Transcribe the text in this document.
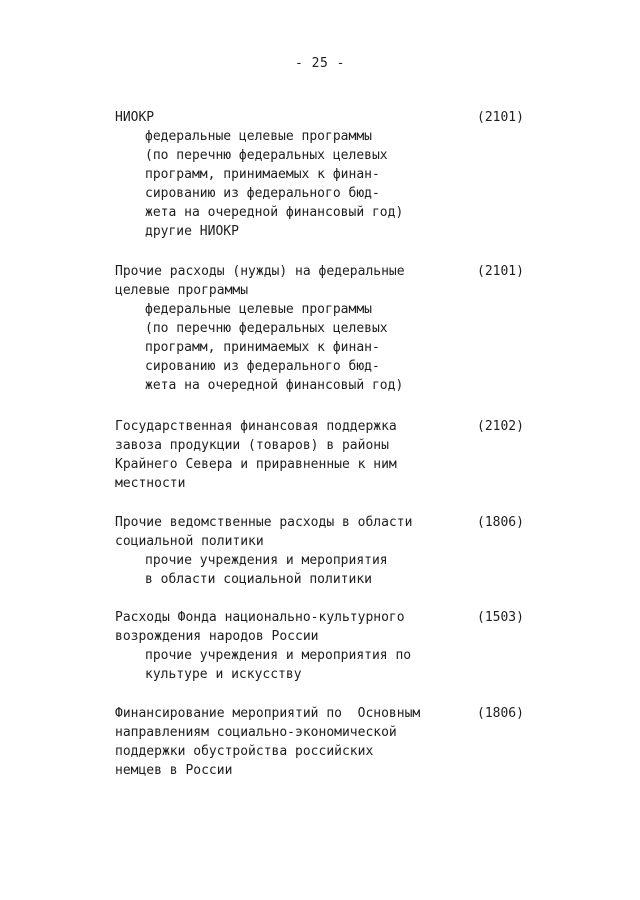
- 25 -
НИОКР
федеральные целевые программы
(по перечню федеральных целевых
программ, принимаемых к финан-
сированию из федерального бюд-
жета на очередной финансовый год)
другие НИОКР
(2101)
Прочие расходы (нужды) на федеральные
целевые программы
федеральные целевые программы
(по перечню федеральных целевых
программ, принимаемых к финан-
сированию из федерального бюд-
жета на очередной финансовый год)
(2101)
Государственная финансовая поддержка
завоза продукции (товаров) в районы
Крайнего Севера и приравненные к ним
местности
(2102)
Прочие ведомственные расходы в области
социальной политики
прочие учреждения и мероприятия
в области социальной политики
(1806)
Расходы Фонда национально-культурного
возрождения народов России
прочие учреждения и мероприятия по
культуре и искусству
(1503)
Финансирование мероприятий по  Основным
направлениям социально-экономической
поддержки обустройства российских
немцев в России
(1806)
